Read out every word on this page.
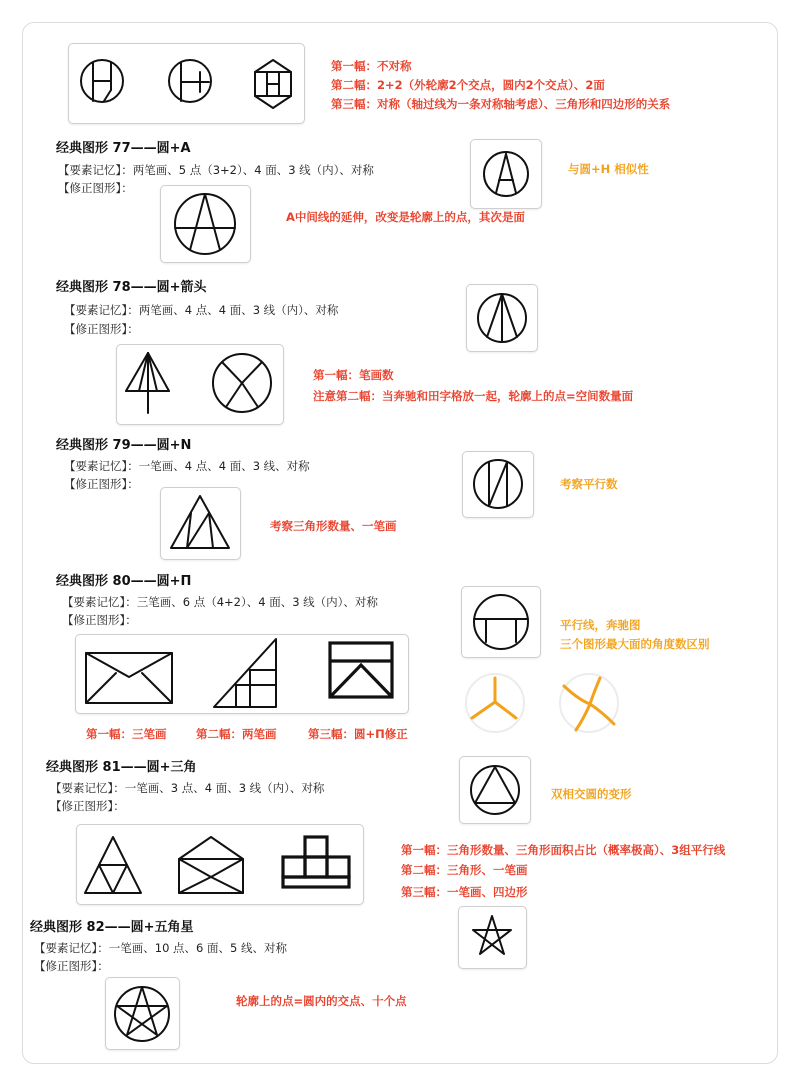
第一幅：不对称
第二幅：2+2（外轮廓2个交点，圆内2个交点）、2面
第三幅：对称（轴过线为一条对称轴考虑）、三角形和四边形的关系
经典图形 77——圆+A
【要素记忆】：两笔画、5 点（3+2）、4 面、3 线（内）、对称
【修正图形】：
与圆+H 相似性
A中间线的延伸，改变是轮廓上的点，其次是面
经典图形 78——圆+箭头
【要素记忆】：两笔画、4 点、4 面、3 线（内）、对称
【修正图形】：
第一幅：笔画数
注意第二幅：当奔驰和田字格放一起，轮廓上的点=空间数量面
经典图形 79——圆+N
【要素记忆】：一笔画、4 点、4 面、3 线、对称
【修正图形】：	考察平行数
考察三角形数量、一笔画
经典图形 80——圆+Π
【要素记忆】：三笔画、6 点（4+2）、4 面、3 线（内）、对称
【修正图形】：	平行线，奔驰图
三个图形最大面的角度数区别
第一幅：三笔画	第二幅：两笔画	第三幅：圆+Π修正
经典图形 81——圆+三角
【要素记忆】：一笔画、3 点、4 面、3 线（内）、对称
【修正图形】：
双相交圆的变形
第一幅：三角形数量、三角形面积占比（概率极高）、3组平行线
第二幅：三角形、一笔画
第三幅：一笔画、四边形
经典图形 82——圆+五角星
【要素记忆】：一笔画、10 点、6 面、5 线、对称
【修正图形】：
轮廓上的点=圆内的交点、十个点
